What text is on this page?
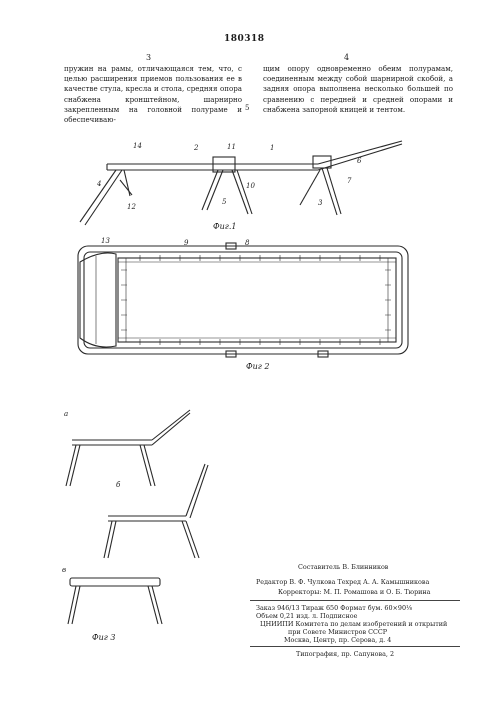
180318
3	4
пружин на рамы, отличающаяся тем, что, с целью расширения приемов пользования ее в качестве стула, кресла и стола, средняя опора снабжена кронштейном, шарнирно закрепленным на головной полураме и обеспечиваю-
5
щим опору одновременно обеим полурамам, соединенным между собой шарнирной скобой, а задняя опора выполнена несколько большей по сравнению с передней и средней опорами и снабжена запорной кницей и тентом.
14	2	11	1
6
4
12
5
10
7
3
13	9	8
а
б
в
Фиг.1
Фиг 2
Фиг 3
Составитель В. Блинников
Редактор В. Ф. Чулкова Техред А. А. Камышникова
Корректоры: М. П. Ромашова и О. Б. Тюрина
Заказ 946/13 Тираж 650 Формат бум. 60×90⅛
Объем 0,21 изд. л. Подписное
ЦНИИПИ Комитета по делам изобретений и открытий
при Совете Министров СССР
Москва, Центр, пр. Серова, д. 4
Типография, пр. Сапунова, 2
